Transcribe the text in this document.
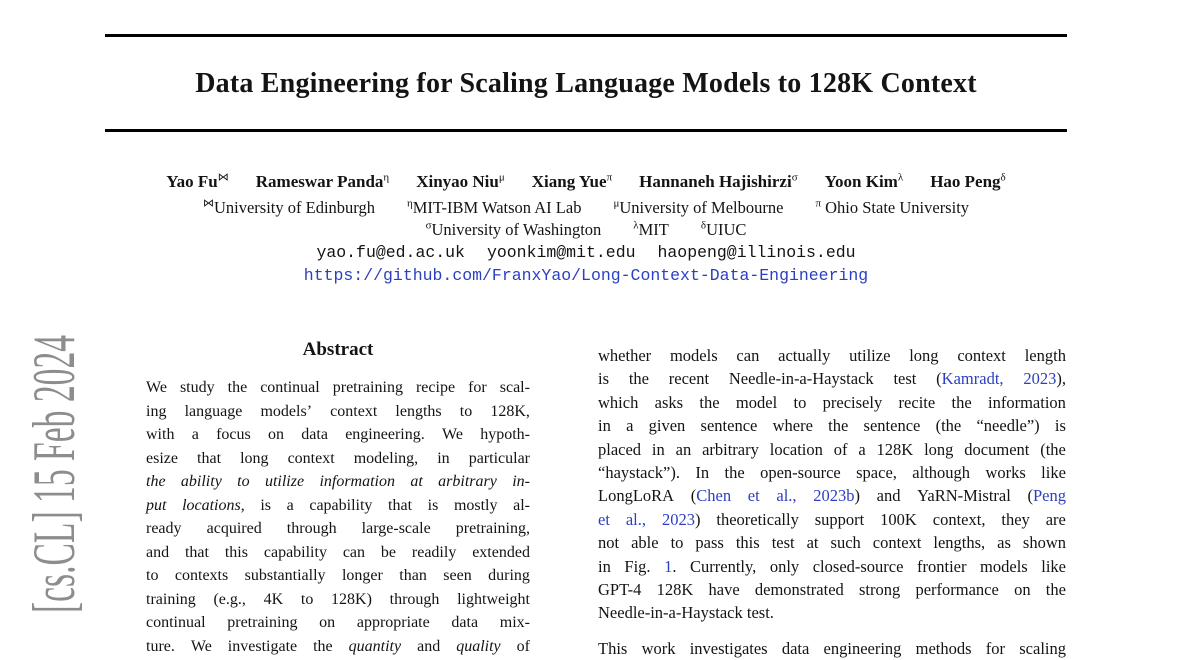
[cs.CL] 15 Feb 2024
Data Engineering for Scaling Language Models to 128K Context
Yao Fu⋈ Rameswar Panda$^\eta$ Xinyao Niu$^\mu$ Xiang Yue$^\pi$ Hannaneh Hajishirzi$^\sigma$ Yoon Kim$^\lambda$ Hao Peng$^\delta$
⋈University of Edinburgh	$^\eta$MIT-IBM Watson AI Lab	$^\mu$University of Melbourne	$^\pi$ Ohio State University
$^\sigma$University of Washington	$^\lambda$MIT	$^\delta$UIUC
yao.fu@ed.ac.uk yoonkim@mit.edu haopeng@illinois.edu
https://github.com/FranxYao/Long-Context-Data-Engineering
Abstract
We study the continual pretraining recipe for scal-
ing language models’ context lengths to 128K,
with a focus on data engineering. We hypoth-
esize that long context modeling, in particular
the ability to utilize information at arbitrary in-
put locations, is a capability that is mostly al-
ready acquired through large-scale pretraining,
and that this capability can be readily extended
to contexts substantially longer than seen during
training (e.g., 4K to 128K) through lightweight
continual pretraining on appropriate data mix-
ture. We investigate the quantity and quality of
whether models can actually utilize long context length
is the recent Needle-in-a-Haystack test (Kamradt, 2023),
which asks the model to precisely recite the information
in a given sentence where the sentence (the “needle”) is
placed in an arbitrary location of a 128K long document (the
“haystack”). In the open-source space, although works like
LongLoRA (Chen et al., 2023b) and YaRN-Mistral (Peng
et al., 2023) theoretically support 100K context, they are
not able to pass this test at such context lengths, as shown
in Fig. 1. Currently, only closed-source frontier models like
GPT-4 128K have demonstrated strong performance on the
Needle-in-a-Haystack test.
This work investigates data engineering methods for scaling
